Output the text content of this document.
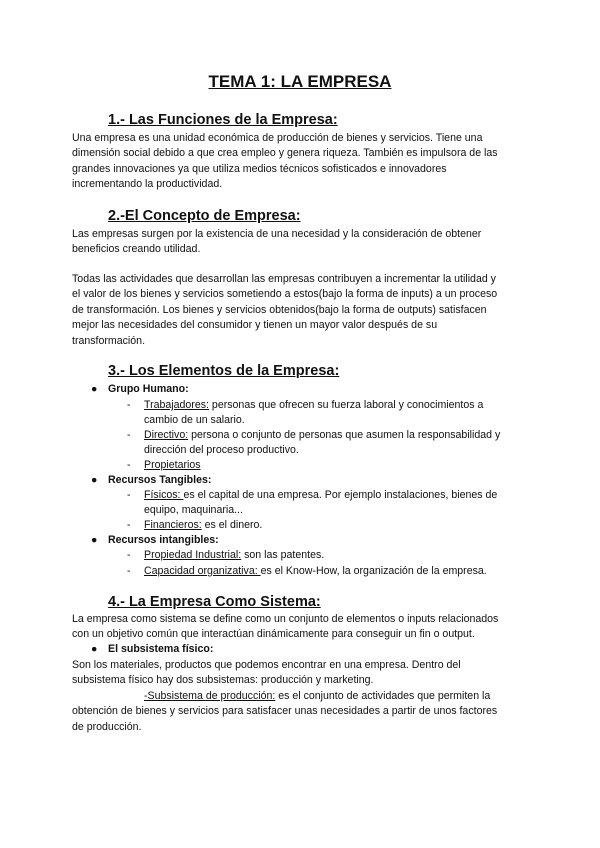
TEMA 1: LA EMPRESA
1.- Las Funciones de la Empresa:
Una empresa es una unidad económica de producción de bienes y servicios. Tiene una
dimensión social debido a que crea empleo y genera riqueza. También es impulsora de las
grandes innovaciones ya que utiliza medios técnicos sofisticados e innovadores
incrementando la productividad.
2.-El Concepto de Empresa:
Las empresas surgen por la existencia de una necesidad y la consideración de obtener
beneficios creando utilidad.
Todas las actividades que desarrollan las empresas contribuyen a incrementar la utilidad y
el valor de los bienes y servicios sometiendo a estos(bajo la forma de inputs) a un proceso
de transformación. Los bienes y servicios obtenidos(bajo la forma de outputs) satisfacen
mejor las necesidades del consumidor y tienen un mayor valor después de su
transformación.
3.- Los Elementos de la Empresa:
● Grupo Humano:
- Trabajadores: personas que ofrecen su fuerza laboral y conocimientos a
cambio de un salario.
- Directivo: persona o conjunto de personas que asumen la responsabilidad y
dirección del proceso productivo.
- Propietarios
● Recursos Tangibles:
- Físicos: es el capital de una empresa. Por ejemplo instalaciones, bienes de
equipo, maquinaria...
- Financieros: es el dinero.
● Recursos intangibles:
- Propiedad Industrial: son las patentes.
- Capacidad organizativa: es el Know-How, la organización de la empresa.
4.- La Empresa Como Sistema:
La empresa como sistema se define como un conjunto de elementos o inputs relacionados
con un objetivo común que interactúan dinámicamente para conseguir un fin o output.
● El subsistema físico:
Son los materiales, productos que podemos encontrar en una empresa. Dentro del
subsistema físico hay dos subsistemas: producción y marketing.
-Subsistema de producción: es el conjunto de actividades que permiten la
obtención de bienes y servicios para satisfacer unas necesidades a partir de unos factores
de producción.
